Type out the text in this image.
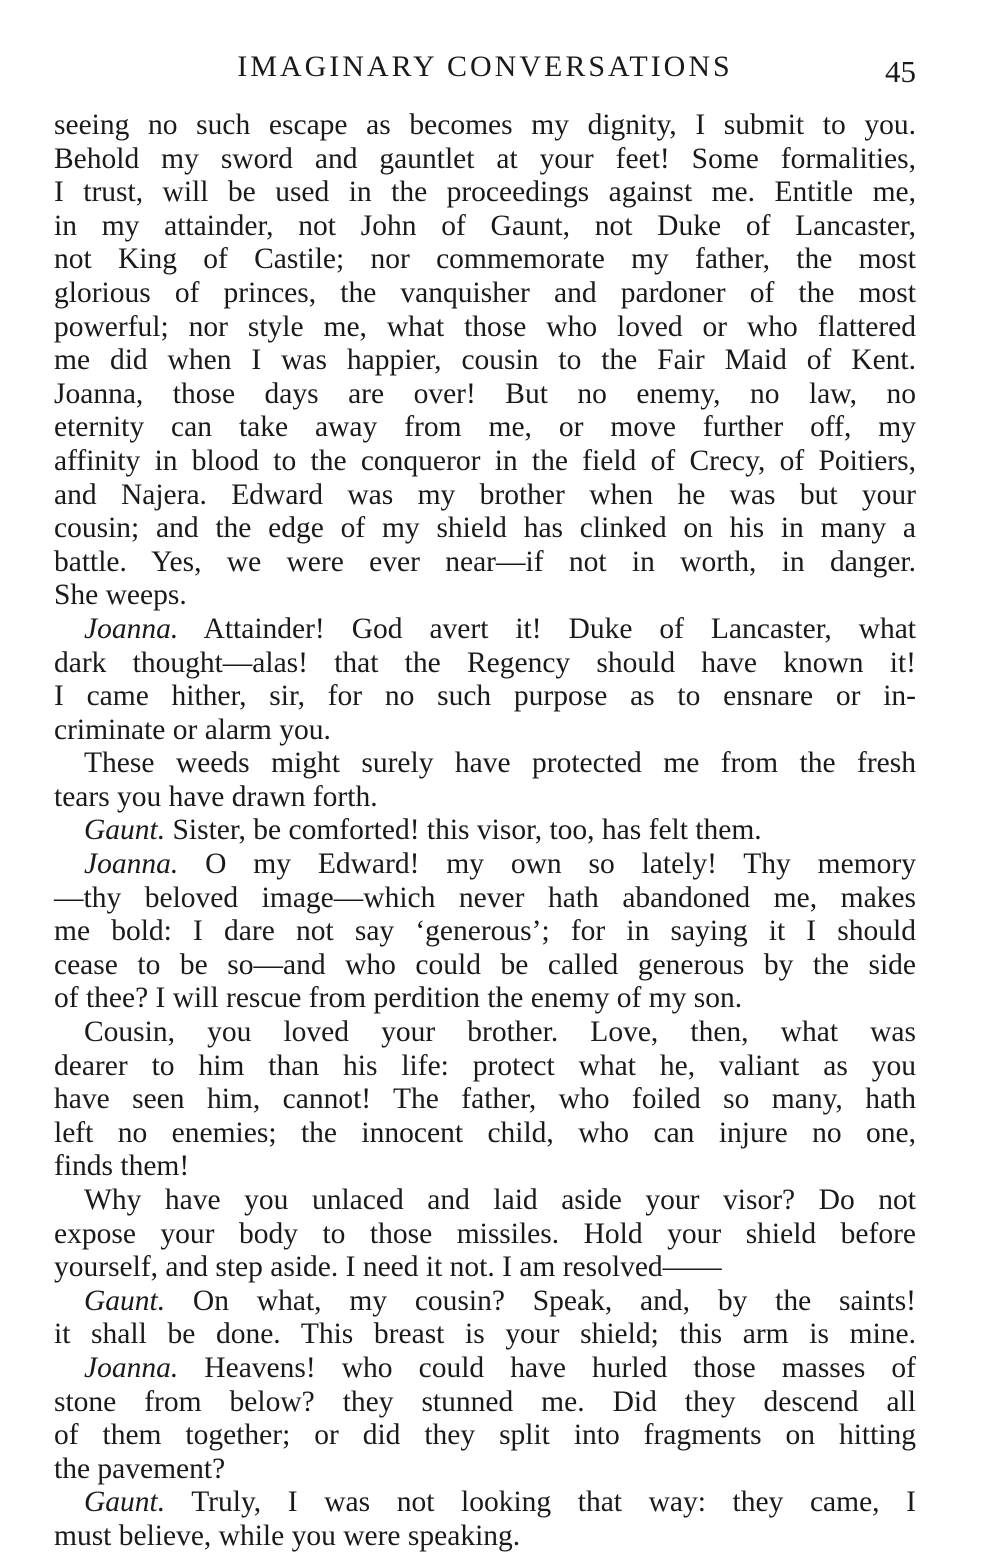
IMAGINARY CONVERSATIONS	45
seeing no such escape as becomes my dignity, I submit to you.
Behold my sword and gauntlet at your feet! Some formalities,
I trust, will be used in the proceedings against me. Entitle me,
in my attainder, not John of Gaunt, not Duke of Lancaster,
not King of Castile; nor commemorate my father, the most
glorious of princes, the vanquisher and pardoner of the most
powerful; nor style me, what those who loved or who flattered
me did when I was happier, cousin to the Fair Maid of Kent.
Joanna, those days are over! But no enemy, no law, no
eternity can take away from me, or move further off, my
affinity in blood to the conqueror in the field of Crecy, of Poitiers,
and Najera. Edward was my brother when he was but your
cousin; and the edge of my shield has clinked on his in many a
battle. Yes, we were ever near—if not in worth, in danger.
She weeps.
Joanna. Attainder! God avert it! Duke of Lancaster, what
dark thought—alas! that the Regency should have known it!
I came hither, sir, for no such purpose as to ensnare or in-
criminate or alarm you.
These weeds might surely have protected me from the fresh
tears you have drawn forth.
Gaunt. Sister, be comforted! this visor, too, has felt them.
Joanna. O my Edward! my own so lately! Thy memory
—thy beloved image—which never hath abandoned me, makes
me bold: I dare not say ‘generous’; for in saying it I should
cease to be so—and who could be called generous by the side
of thee? I will rescue from perdition the enemy of my son.
Cousin, you loved your brother. Love, then, what was
dearer to him than his life: protect what he, valiant as you
have seen him, cannot! The father, who foiled so many, hath
left no enemies; the innocent child, who can injure no one,
finds them!
Why have you unlaced and laid aside your visor? Do not
expose your body to those missiles. Hold your shield before
yourself, and step aside. I need it not. I am resolved——
Gaunt. On what, my cousin? Speak, and, by the saints!
it shall be done. This breast is your shield; this arm is mine.
Joanna. Heavens! who could have hurled those masses of
stone from below? they stunned me. Did they descend all
of them together; or did they split into fragments on hitting
the pavement?
Gaunt. Truly, I was not looking that way: they came, I
must believe, while you were speaking.
